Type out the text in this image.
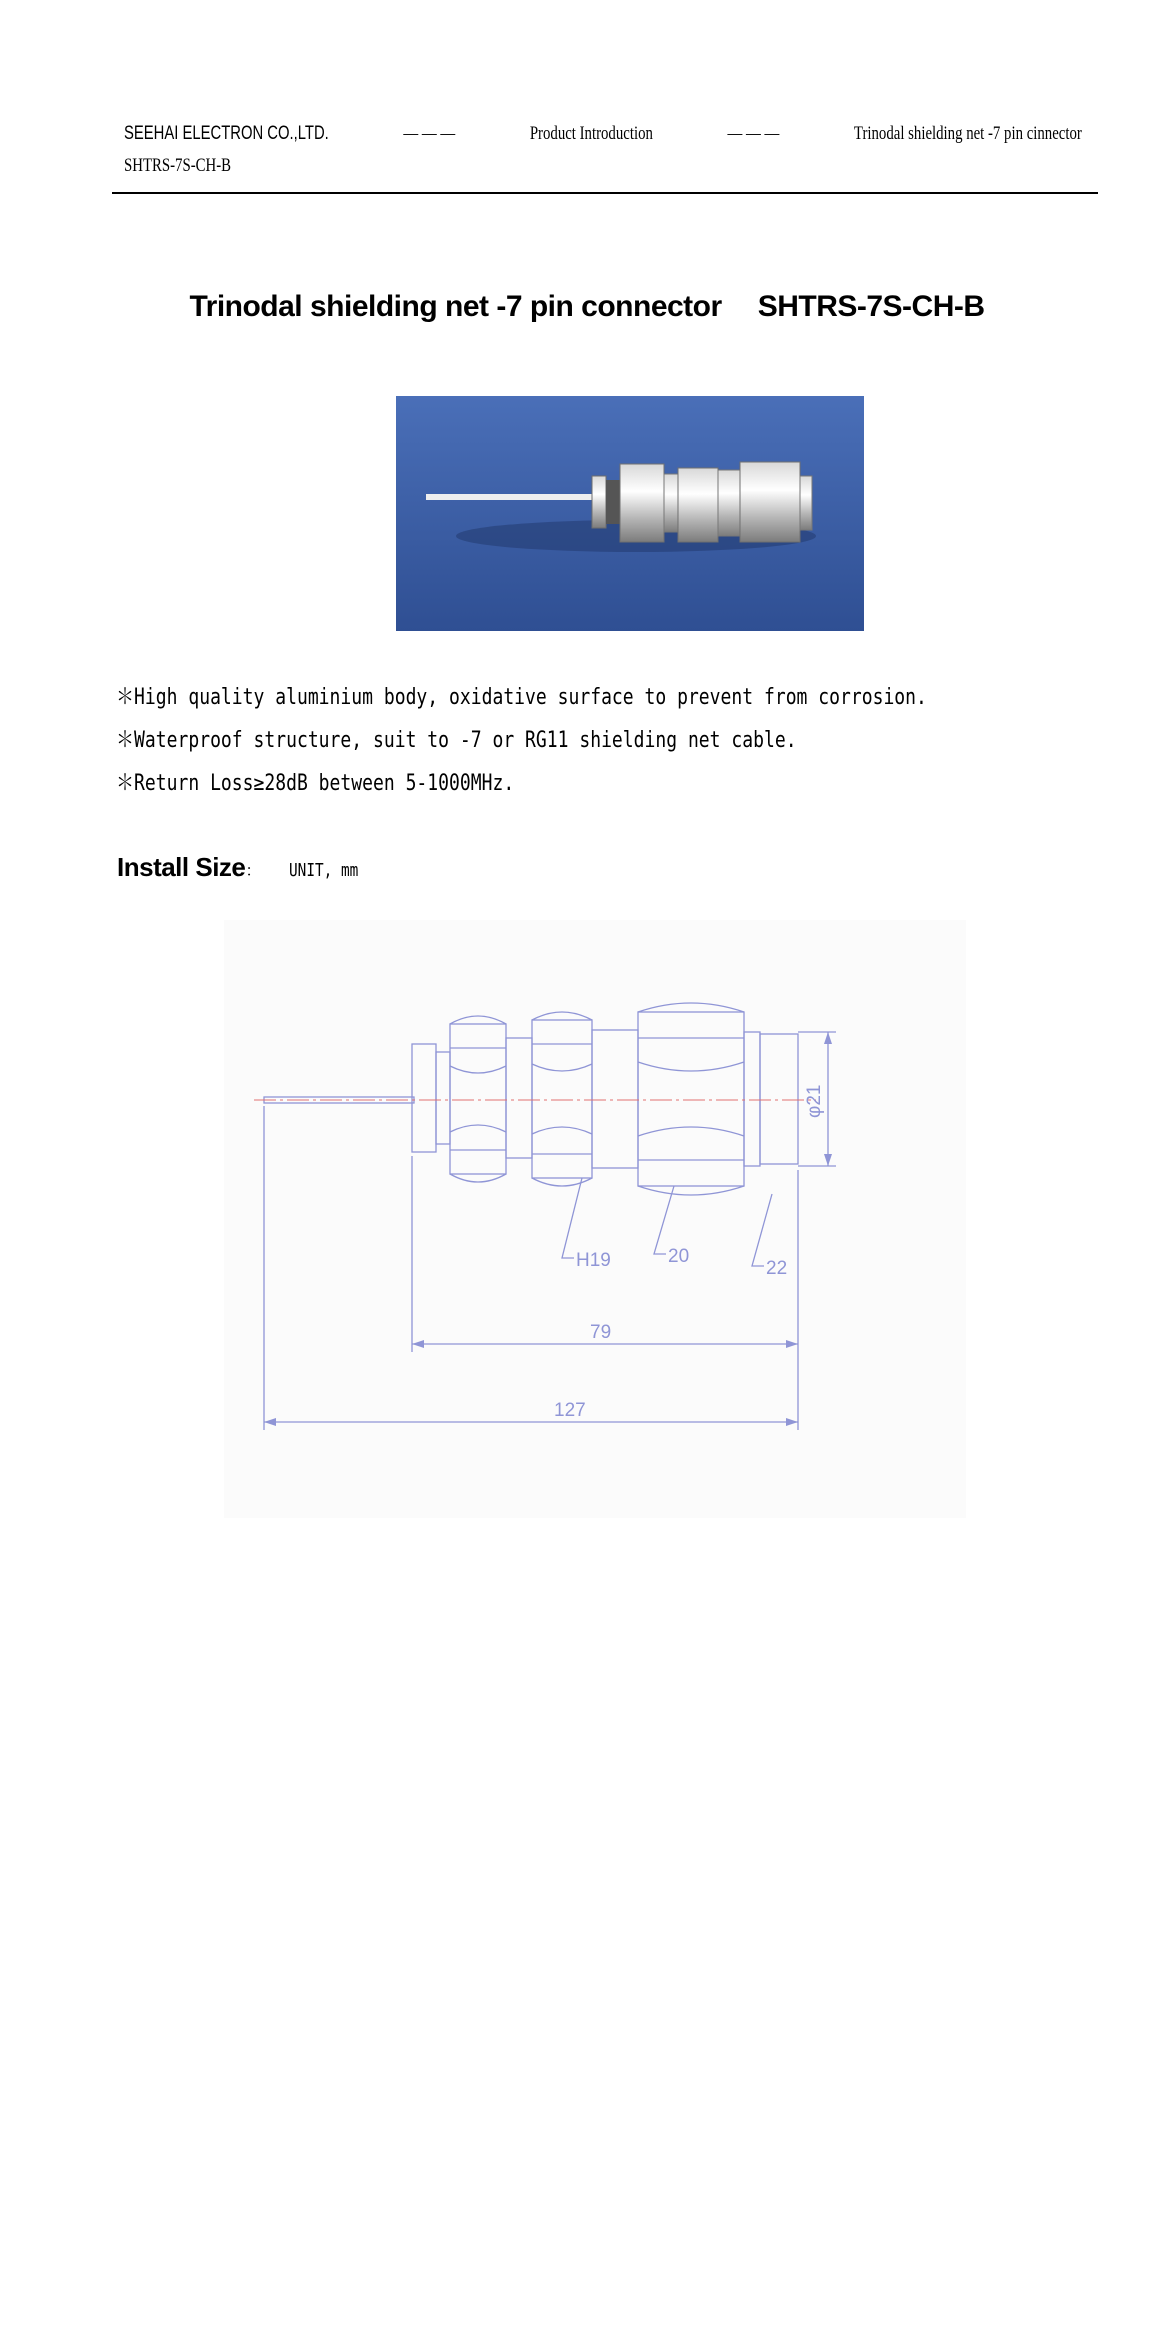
SEEHAI ELECTRON CO.,LTD.	— — —	Product Introduction	— — —	Trinodal shielding net -7 pin cinnector
SHTRS-7S-CH-B
Trinodal shielding net -7 pin connector SHTRS-7S-CH-B
＊High quality aluminium body, oxidative surface to prevent from corrosion.
＊Waterproof structure, suit to -7 or RG11 shielding net cable.
＊Return Loss≥28dB between 5-1000MHz.
Install Size： UNIT, mm
H19	20
22
79
127
φ21
